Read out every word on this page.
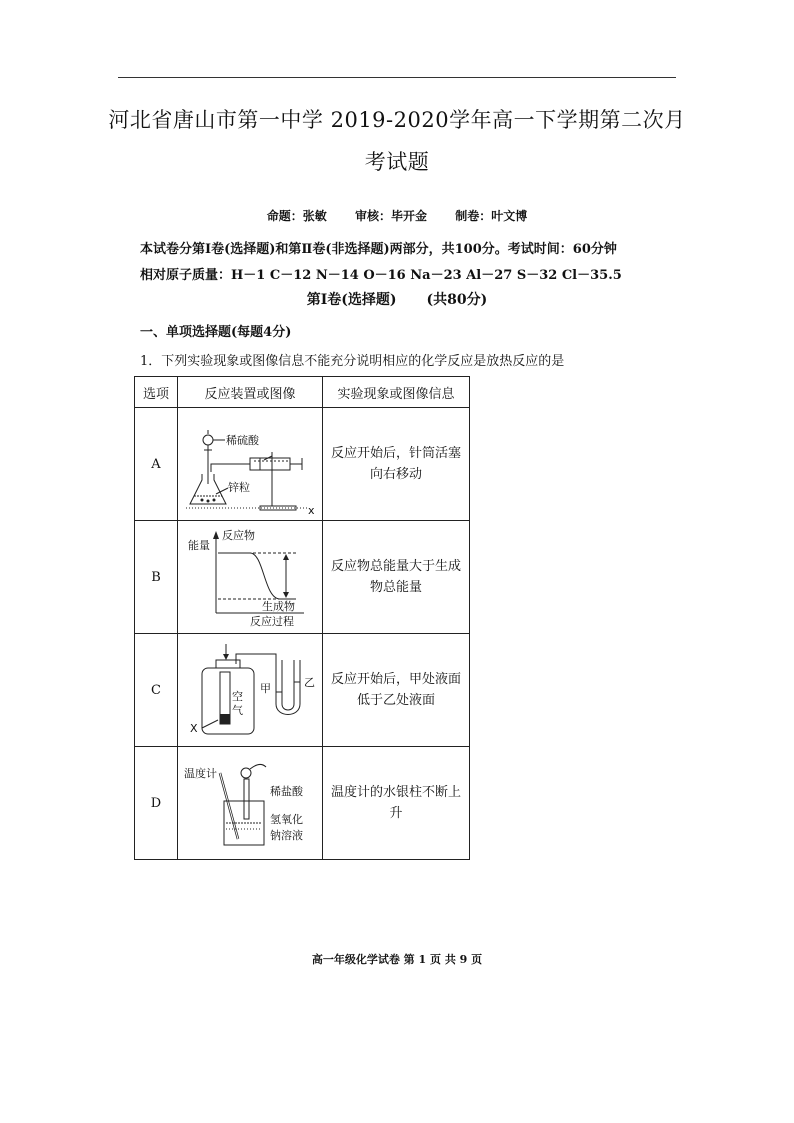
河北省唐山市第一中学 2019-2020学年高一下学期第二次月
考试题
命题：张敏 审核：毕开金 制卷：叶文博
本试卷分第Ⅰ卷(选择题)和第Ⅱ卷(非选择题)两部分，共100分。考试时间：60分钟
相对原子质量：H－1 C－12 N－14 O－16 Na－23 Al－27 S－32 Cl－35.5
第Ⅰ卷(选择题) (共80分)
一、单项选择题(每题4分)
1．下列实验现象或图像信息不能充分说明相应的化学反应是放热反应的是
选项	反应装置或图像	实验现象或图像信息
A	稀硫酸
锌粒
x	反应开始后，针筒活塞向右移动

B	能量
反应物
生成物
反应过程	反应物总能量大于生成物总能量

C	空
气
X
甲 乙	反应开始后，甲处液面低于乙处液面

D	温度计
稀盐酸
氢氧化
钠溶液	温度计的水银柱不断上升
高一年级化学试卷 第 1 页 共 9 页
